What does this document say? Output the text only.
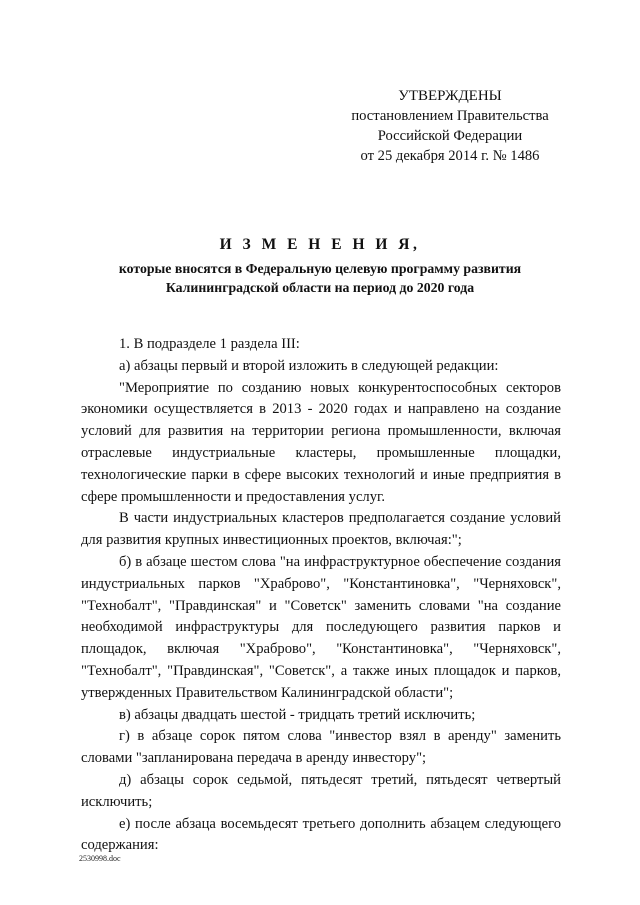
УТВЕРЖДЕНЫ
постановлением Правительства
Российской Федерации
от 25 декабря 2014 г. № 1486
И З М Е Н Е Н И Я,
которые вносятся в Федеральную целевую программу развития
Калининградской области на период до 2020 года

1. В подразделе 1 раздела III:

а) абзацы первый и второй изложить в следующей редакции:

"Мероприятие по созданию новых конкурентоспособных секторов экономики осуществляется в 2013 - 2020 годах и направлено на создание условий для развития на территории региона промышленности, включая отраслевые индустриальные кластеры, промышленные площадки, технологические парки в сфере высоких технологий и иные предприятия в сфере промышленности и предоставления услуг.

В части индустриальных кластеров предполагается создание условий для развития крупных инвестиционных проектов, включая:";

б) в абзаце шестом слова "на инфраструктурное обеспечение создания индустриальных парков "Храброво", "Константиновка", "Черняховск", "Технобалт", "Правдинская" и "Советск" заменить словами "на создание необходимой инфраструктуры для последующего развития парков и площадок, включая "Храброво", "Константиновка", "Черняховск", "Технобалт", "Правдинская", "Советск", а также иных площадок и парков, утвержденных Правительством Калининградской области";

в) абзацы двадцать шестой - тридцать третий исключить;

г) в абзаце сорок пятом слова "инвестор взял в аренду" заменить словами "запланирована передача в аренду инвестору";

д) абзацы сорок седьмой, пятьдесят третий, пятьдесят четвертый исключить;

е) после абзаца восемьдесят третьего дополнить абзацем следующего содержания:

2530998.doc
